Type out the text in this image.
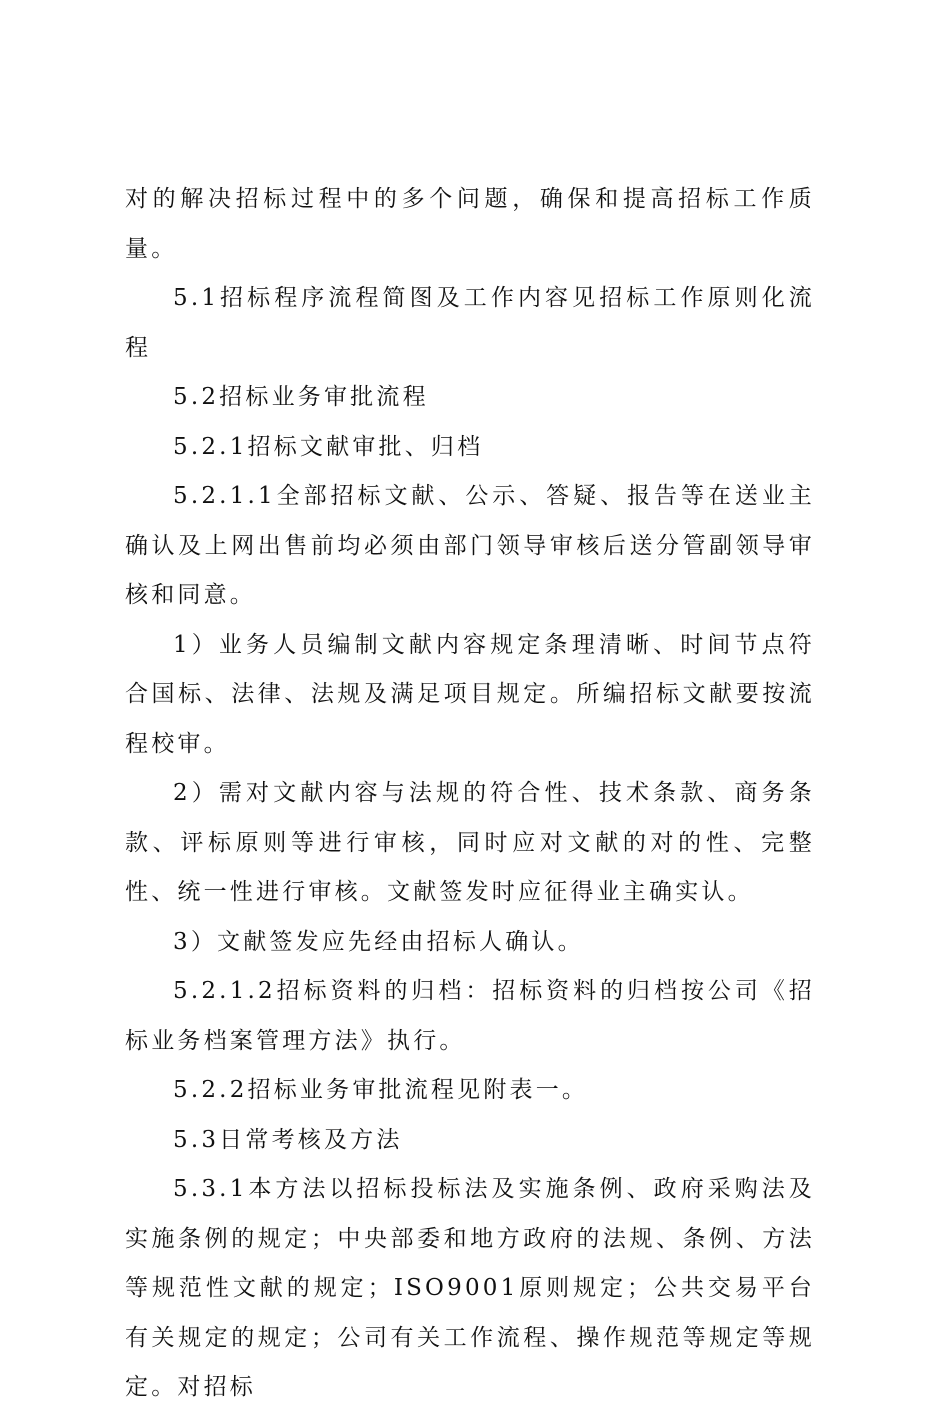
对的解决招标过程中的多个问题，确保和提高招标工作质量。

5.1招标程序流程简图及工作内容见招标工作原则化流程

5.2招标业务审批流程

5.2.1招标文献审批、归档

5.2.1.1全部招标文献、公示、答疑、报告等在送业主确认及上网出售前均必须由部门领导审核后送分管副领导审核和同意。

1）业务人员编制文献内容规定条理清晰、时间节点符合国标、法律、法规及满足项目规定。所编招标文献要按流程校审。

2）需对文献内容与法规的符合性、技术条款、商务条款、评标原则等进行审核，同时应对文献的对的性、完整性、统一性进行审核。文献签发时应征得业主确实认。

3）文献签发应先经由招标人确认。

5.2.1.2招标资料的归档：招标资料的归档按公司《招标业务档案管理方法》执行。

5.2.2招标业务审批流程见附表一。

5.3日常考核及方法

5.3.1本方法以招标投标法及实施条例、政府采购法及实施条例的规定；中央部委和地方政府的法规、条例、方法等规范性文献的规定；ISO9001原则规定；公共交易平台有关规定的规定；公司有关工作流程、操作规范等规定等规定。对招标
